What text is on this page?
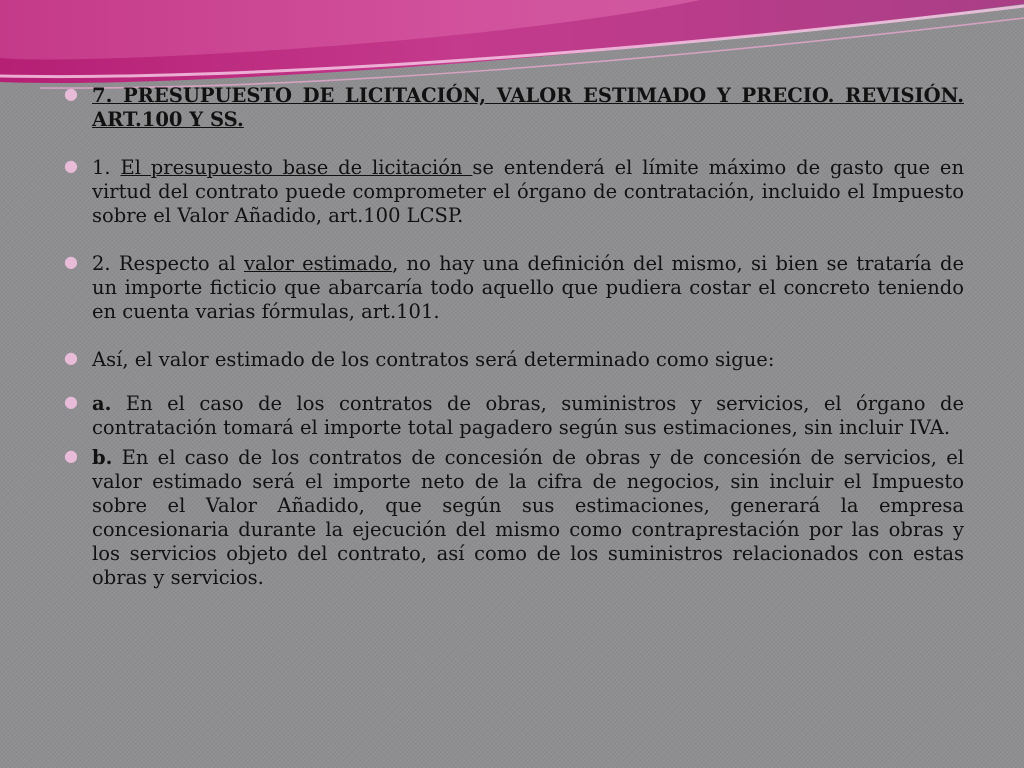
● 7. PRESUPUESTO DE LICITACIÓN, VALOR ESTIMADO Y PRECIO. REVISIÓN. ART.100 Y SS.
● 1. El presupuesto base de licitación se entenderá el límite máximo de gasto que en virtud del contrato puede comprometer el órgano de contratación, incluido el Impuesto sobre el Valor Añadido, art.100 LCSP.
● 2. Respecto al valor estimado, no hay una definición del mismo, si bien se trataría de un importe ficticio que abarcaría todo aquello que pudiera costar el concreto teniendo en cuenta varias fórmulas, art.101.
● Así, el valor estimado de los contratos será determinado como sigue:
● a. En el caso de los contratos de obras, suministros y servicios, el órgano de contratación tomará el importe total pagadero según sus estimaciones, sin incluir IVA.
● b. En el caso de los contratos de concesión de obras y de concesión de servicios, el valor estimado será el importe neto de la cifra de negocios, sin incluir el Impuesto sobre el Valor Añadido, que según sus estimaciones, generará la empresa concesionaria durante la ejecución del mismo como contraprestación por las obras y los servicios objeto del contrato, así como de los suministros relacionados con estas obras y servicios.
